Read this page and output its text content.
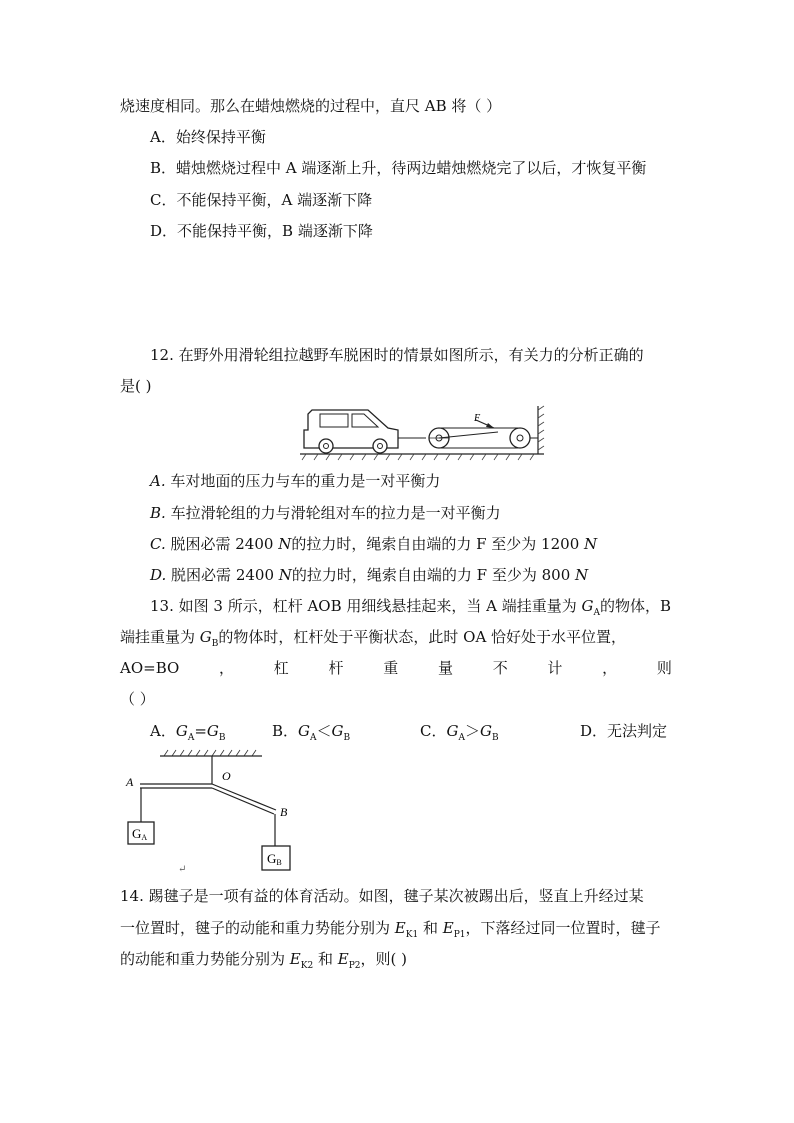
烧速度相同。那么在蜡烛燃烧的过程中，直尺 AB 将（ ）
A．始终保持平衡
B．蜡烛燃烧过程中 A 端逐渐上升，待两边蜡烛燃烧完了以后，才恢复平衡
C．不能保持平衡，A 端逐渐下降
D．不能保持平衡，B 端逐渐下降
12. 在野外用滑轮组拉越野车脱困时的情景如图所示，有关力的分析正确的
是( )
F
A. 车对地面的压力与车的重力是一对平衡力
B. 车拉滑轮组的力与滑轮组对车的拉力是一对平衡力
C. 脱困必需 2400 N的拉力时，绳索自由端的力 F 至少为 1200 N
D. 脱困必需 2400 N的拉力时，绳索自由端的力 F 至少为 800 N
13. 如图 3 所示，杠杆 AOB 用细线悬挂起来，当 A 端挂重量为 $G_A$的物体，B
端挂重量为 $G_B$的物体时，杠杆处于平衡状态，此时 OA 恰好处于水平位置，
AO=BO	，	杠	杆	重	量	不	计	，	则
（ ）
A．$G_A=G_B$	B．$G_A<G_B$	C．$G_A>G_B$	D．无法判定
A	O
B
GA
GB
↵
14. 踢毽子是一项有益的体育活动。如图，毽子某次被踢出后，竖直上升经过某
一位置时，毽子的动能和重力势能分别为 $E_{K1}$ 和 $E_{P1}$，下落经过同一位置时，毽子
的动能和重力势能分别为 $E_{K2}$ 和 $E_{P2}$，则( )
